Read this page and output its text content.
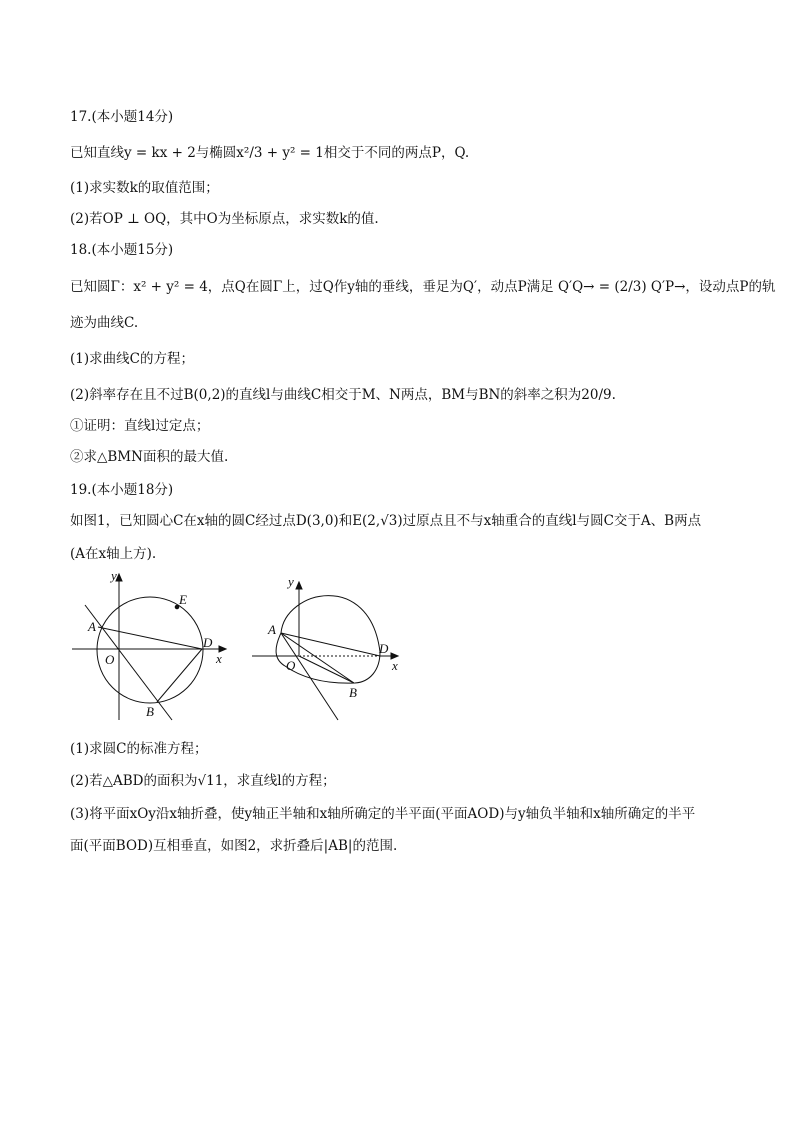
17.(本小题14分)
已知直线y = kx + 2与椭圆x²/3 + y² = 1相交于不同的两点P，Q.
(1)求实数k的取值范围；
(2)若OP ⊥ OQ，其中O为坐标原点，求实数k的值.
18.(本小题15分)
已知圆Γ：x² + y² = 4，点Q在圆Γ上，过Q作y轴的垂线，垂足为Q′，动点P满足 Q′Q→ = (2/3) Q′P→，设动点P的轨
迹为曲线C.
(1)求曲线C的方程；
(2)斜率存在且不过B(0,2)的直线l与曲线C相交于M、N两点，BM与BN的斜率之积为20/9.
①证明：直线l过定点；
②求△BMN面积的最大值.
19.(本小题18分)
如图1，已知圆心C在x轴的圆C经过点D(3,0)和E(2,√3)过原点且不与x轴重合的直线l与圆C交于A、B两点
(A在x轴上方).
y
x
O
A
B
D
E
y
x
O
A
B
D
(1)求圆C的标准方程；
(2)若△ABD的面积为√11，求直线l的方程；
(3)将平面xOy沿x轴折叠，使y轴正半轴和x轴所确定的半平面(平面AOD)与y轴负半轴和x轴所确定的半平
面(平面BOD)互相垂直，如图2，求折叠后|AB|的范围.
